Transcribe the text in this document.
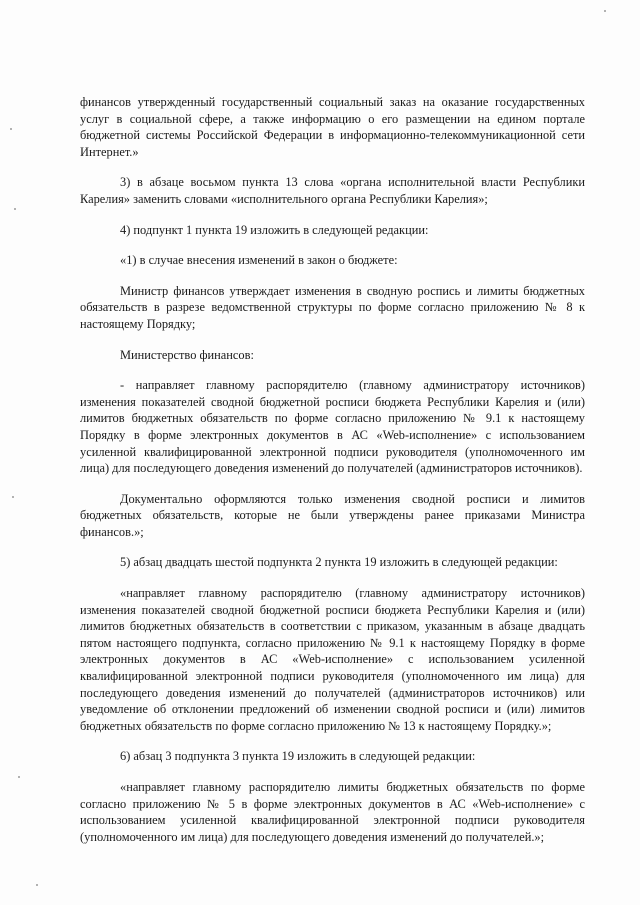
финансов утвержденный государственный социальный заказ на оказание государственных услуг в социальной сфере, а также информацию о его размещении на едином портале бюджетной системы Российской Федерации в информационно-телекоммуникационной сети Интернет.»

3) в абзаце восьмом пункта 13 слова «органа исполнительной власти Республики Карелия» заменить словами «исполнительного органа Республики Карелия»;

4) подпункт 1 пункта 19 изложить в следующей редакции:

«1) в случае внесения изменений в закон о бюджете:

Министр финансов утверждает изменения в сводную роспись и лимиты бюджетных обязательств в разрезе ведомственной структуры по форме согласно приложению № 8 к настоящему Порядку;

Министерство финансов:

- направляет главному распорядителю (главному администратору источников) изменения показателей сводной бюджетной росписи бюджета Республики Карелия и (или) лимитов бюджетных обязательств по форме согласно приложению № 9.1 к настоящему Порядку в форме электронных документов в АС «Web-исполнение» с использованием усиленной квалифицированной электронной подписи руководителя (уполномоченного им лица) для последующего доведения изменений до получателей (администраторов источников).

Документально оформляются только изменения сводной росписи и лимитов бюджетных обязательств, которые не были утверждены ранее приказами Министра финансов.»;

5) абзац двадцать шестой подпункта 2 пункта 19 изложить в следующей редакции:

«направляет главному распорядителю (главному администратору источников) изменения показателей сводной бюджетной росписи бюджета Республики Карелия и (или) лимитов бюджетных обязательств в соответствии с приказом, указанным в абзаце двадцать пятом настоящего подпункта, согласно приложению № 9.1 к настоящему Порядку в форме электронных документов в АС «Web-исполнение» с использованием усиленной квалифицированной электронной подписи руководителя (уполномоченного им лица) для последующего доведения изменений до получателей (администраторов источников) или уведомление об отклонении предложений об изменении сводной росписи и (или) лимитов бюджетных обязательств по форме согласно приложению № 13 к настоящему Порядку.»;

6) абзац 3 подпункта 3 пункта 19 изложить в следующей редакции:

«направляет главному распорядителю лимиты бюджетных обязательств по форме согласно приложению № 5 в форме электронных документов в АС «Web-исполнение» с использованием усиленной квалифицированной электронной подписи руководителя (уполномоченного им лица) для последующего доведения изменений до получателей.»;
